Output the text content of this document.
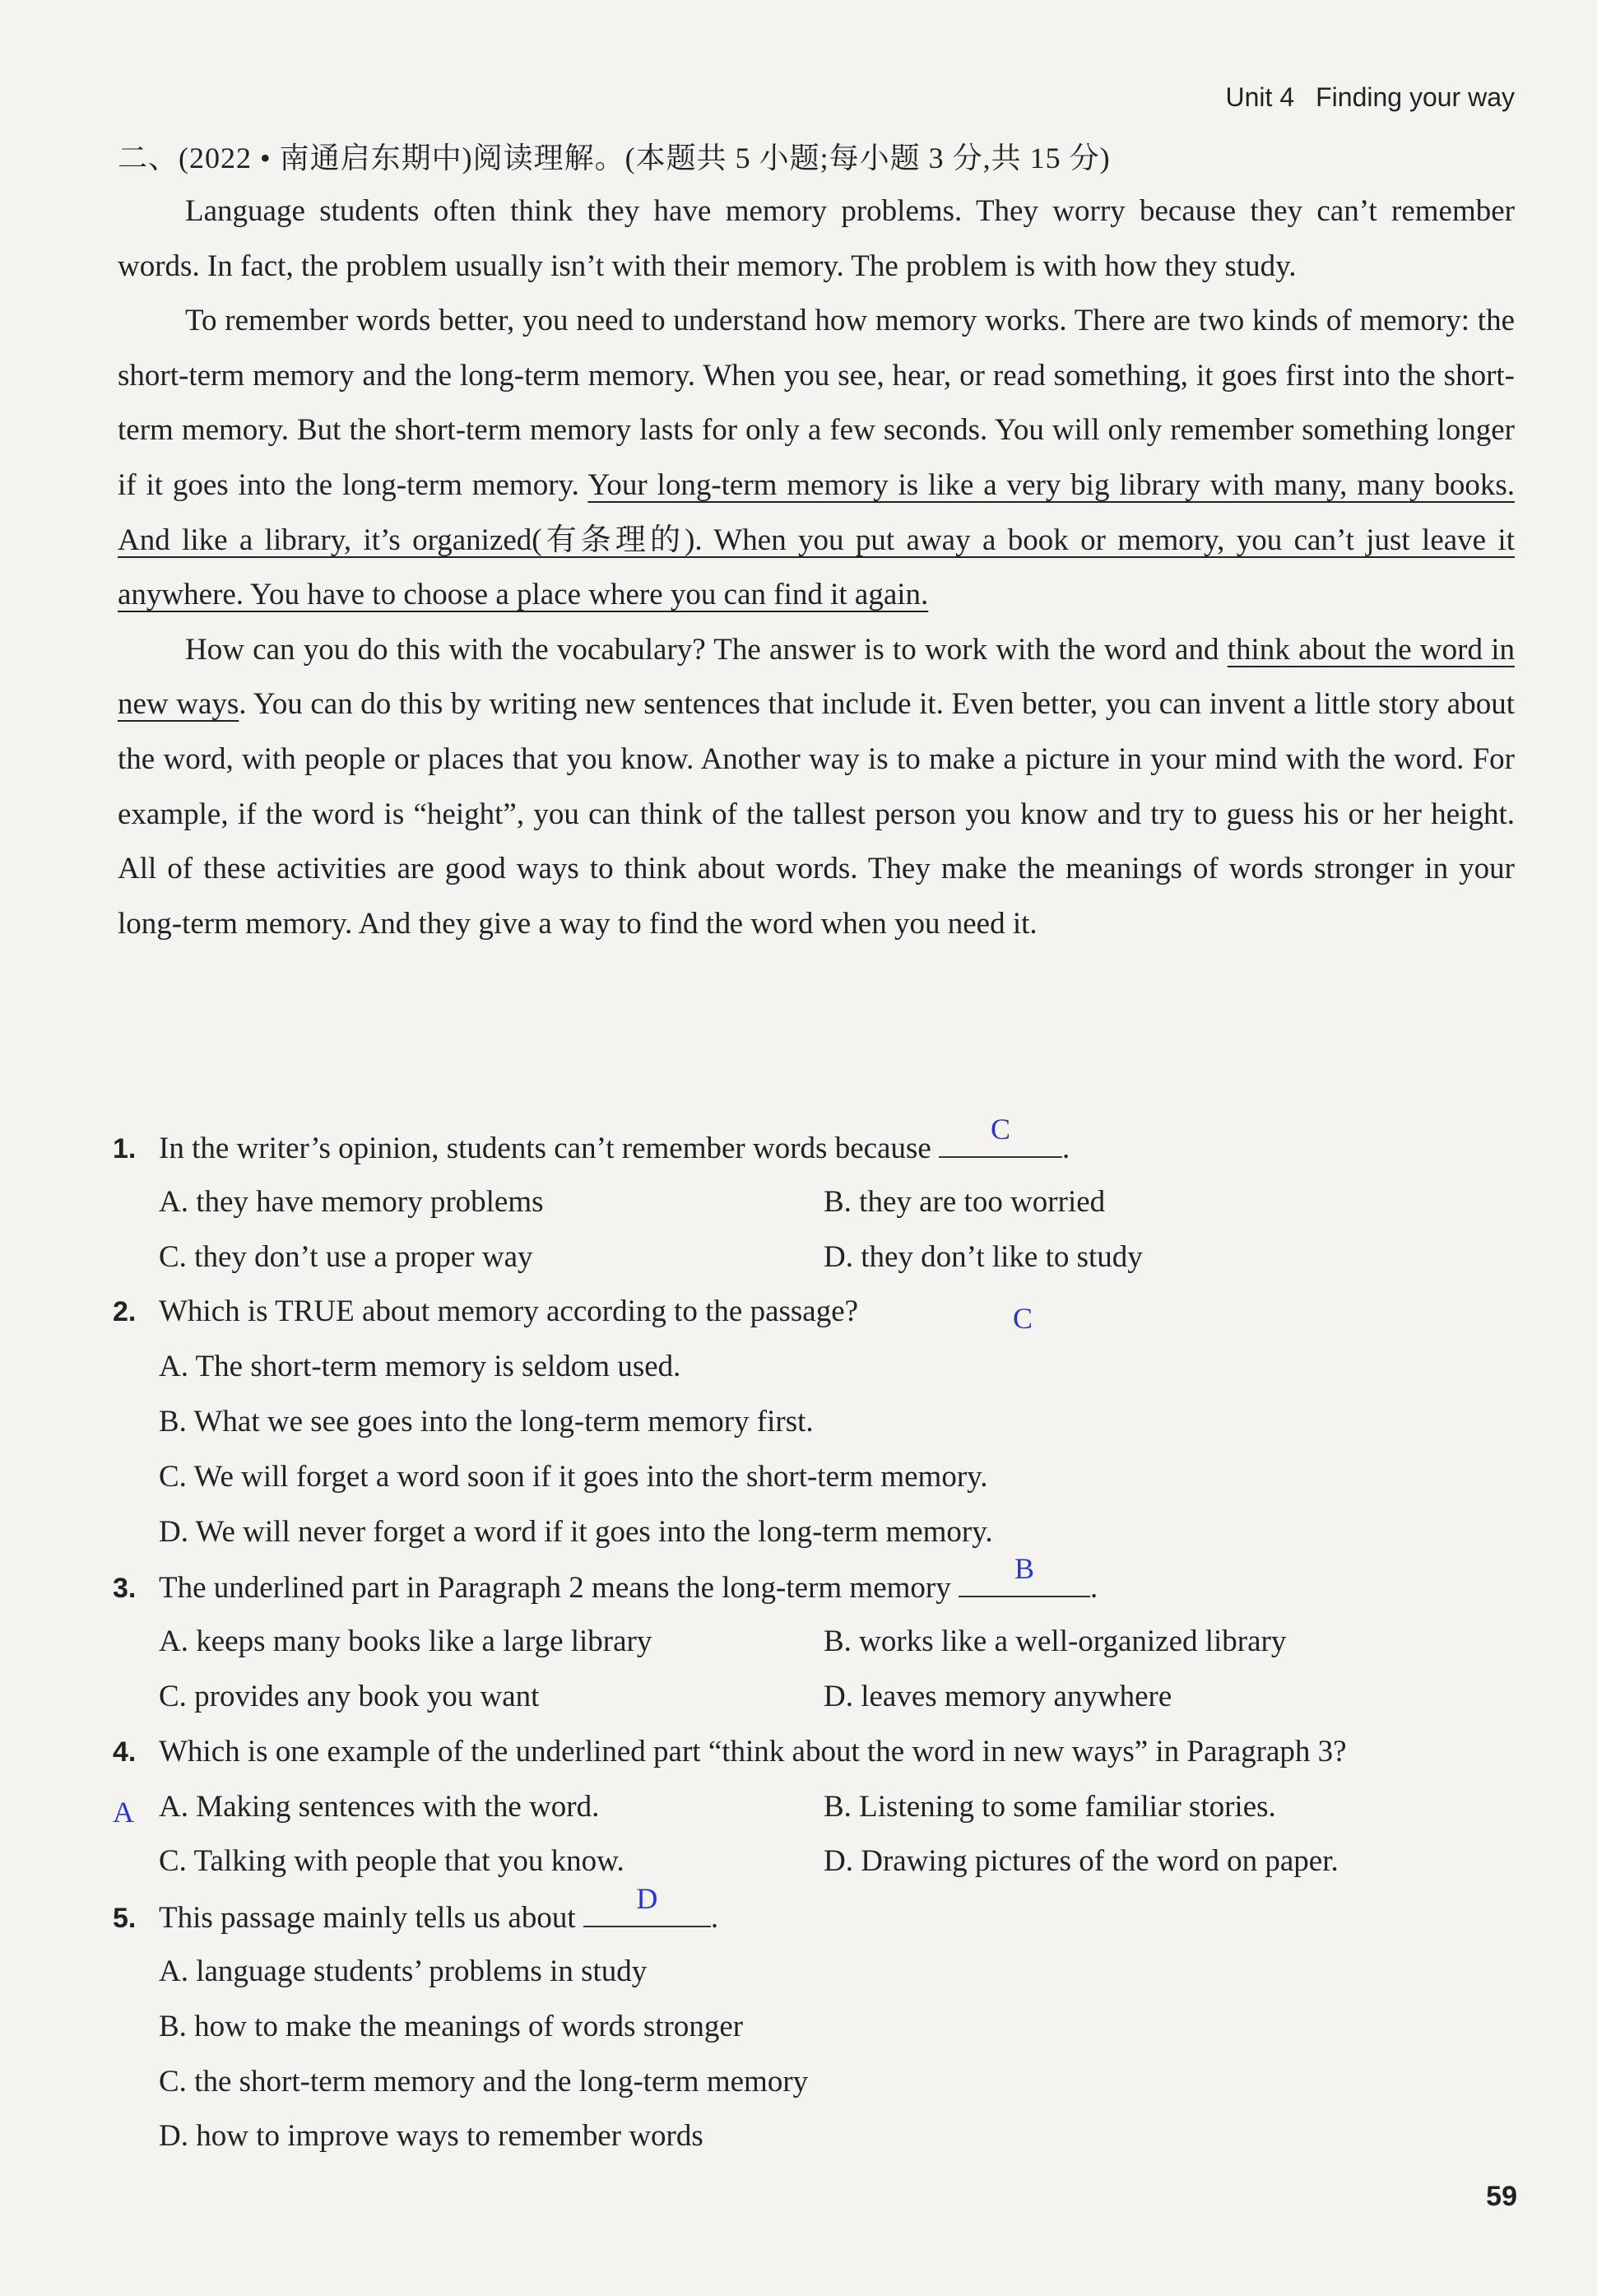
Unit 4 Finding your way
二、(2022 • 南通启东期中)阅读理解。(本题共 5 小题;每小题 3 分,共 15 分)

Language students often think they have memory problems. They worry because they can’t remember words. In fact, the problem usually isn’t with their memory. The problem is with how they study.

To remember words better, you need to understand how memory works. There are two kinds of memory: the short-term memory and the long-term memory. When you see, hear, or read something, it goes first into the short-term memory. But the short-term memory lasts for only a few seconds. You will only remember something longer if it goes into the long-term memory. Your long-term memory is like a very big library with many, many books. And like a library, it’s organized(有条理的). When you put away a book or memory, you can’t just leave it anywhere. You have to choose a place where you can find it again.

How can you do this with the vocabulary? The answer is to work with the word and think about the word in new ways. You can do this by writing new sentences that include it. Even better, you can invent a little story about the word, with people or places that you know. Another way is to make a picture in your mind with the word. For example, if the word is “height”, you can think of the tallest person you know and try to guess his or her height. All of these activities are good ways to think about words. They make the meanings of words stronger in your long-term memory. And they give a way to find the word when you need it.

1. In the writer’s opinion, students can’t remember words because
C
.
A. they have memory problems	B. they are too worried
C. they don’t use a proper way	D. they don’t like to study
2. Which is TRUE about memory according to the passage?	C
A. The short-term memory is seldom used.
B. What we see goes into the long-term memory first.
C. We will forget a word soon if it goes into the short-term memory.
D. We will never forget a word if it goes into the long-term memory.
3. The underlined part in Paragraph 2 means the long-term memory
B
.
A. keeps many books like a large library	B. works like a well-organized library
C. provides any book you want	D. leaves memory anywhere
4. Which is one example of the underlined part “think about the word in new ways” in Paragraph 3?
A A. Making sentences with the word.	B. Listening to some familiar stories.
C. Talking with people that you know.	D. Drawing pictures of the word on paper.
5. This passage mainly tells us about
D
.
A. language students’ problems in study
B. how to make the meanings of words stronger
C. the short-term memory and the long-term memory
D. how to improve ways to remember words
59
